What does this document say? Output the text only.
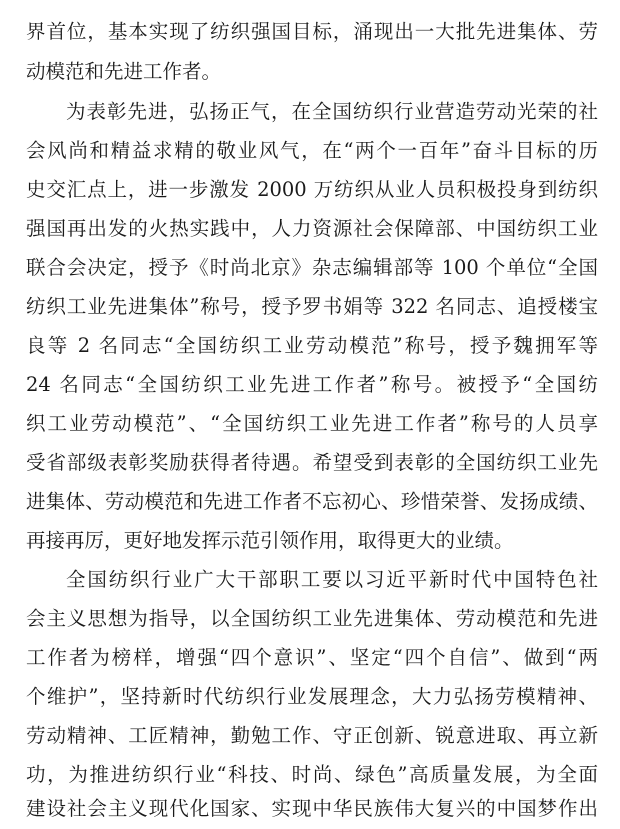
界首位，基本实现了纺织强国目标，涌现出一大批先进集体、劳
动模范和先进工作者。
为表彰先进，弘扬正气，在全国纺织行业营造劳动光荣的社
会风尚和精益求精的敬业风气，在“两个一百年”奋斗目标的历
史交汇点上，进一步激发 2000 万纺织从业人员积极投身到纺织
强国再出发的火热实践中，人力资源社会保障部、中国纺织工业
联合会决定，授予《时尚北京》杂志编辑部等 100 个单位“全国
纺织工业先进集体”称号，授予罗书娟等 322 名同志、追授楼宝
良等 2 名同志“全国纺织工业劳动模范”称号，授予魏拥军等
24 名同志“全国纺织工业先进工作者”称号。被授予“全国纺
织工业劳动模范”、“全国纺织工业先进工作者”称号的人员享
受省部级表彰奖励获得者待遇。希望受到表彰的全国纺织工业先
进集体、劳动模范和先进工作者不忘初心、珍惜荣誉、发扬成绩、
再接再厉，更好地发挥示范引领作用，取得更大的业绩。
全国纺织行业广大干部职工要以习近平新时代中国特色社
会主义思想为指导，以全国纺织工业先进集体、劳动模范和先进
工作者为榜样，增强“四个意识”、坚定“四个自信”、做到“两
个维护”，坚持新时代纺织行业发展理念，大力弘扬劳模精神、
劳动精神、工匠精神，勤勉工作、守正创新、锐意进取、再立新
功，为推进纺织行业“科技、时尚、绿色”高质量发展，为全面
建设社会主义现代化国家、实现中华民族伟大复兴的中国梦作出
